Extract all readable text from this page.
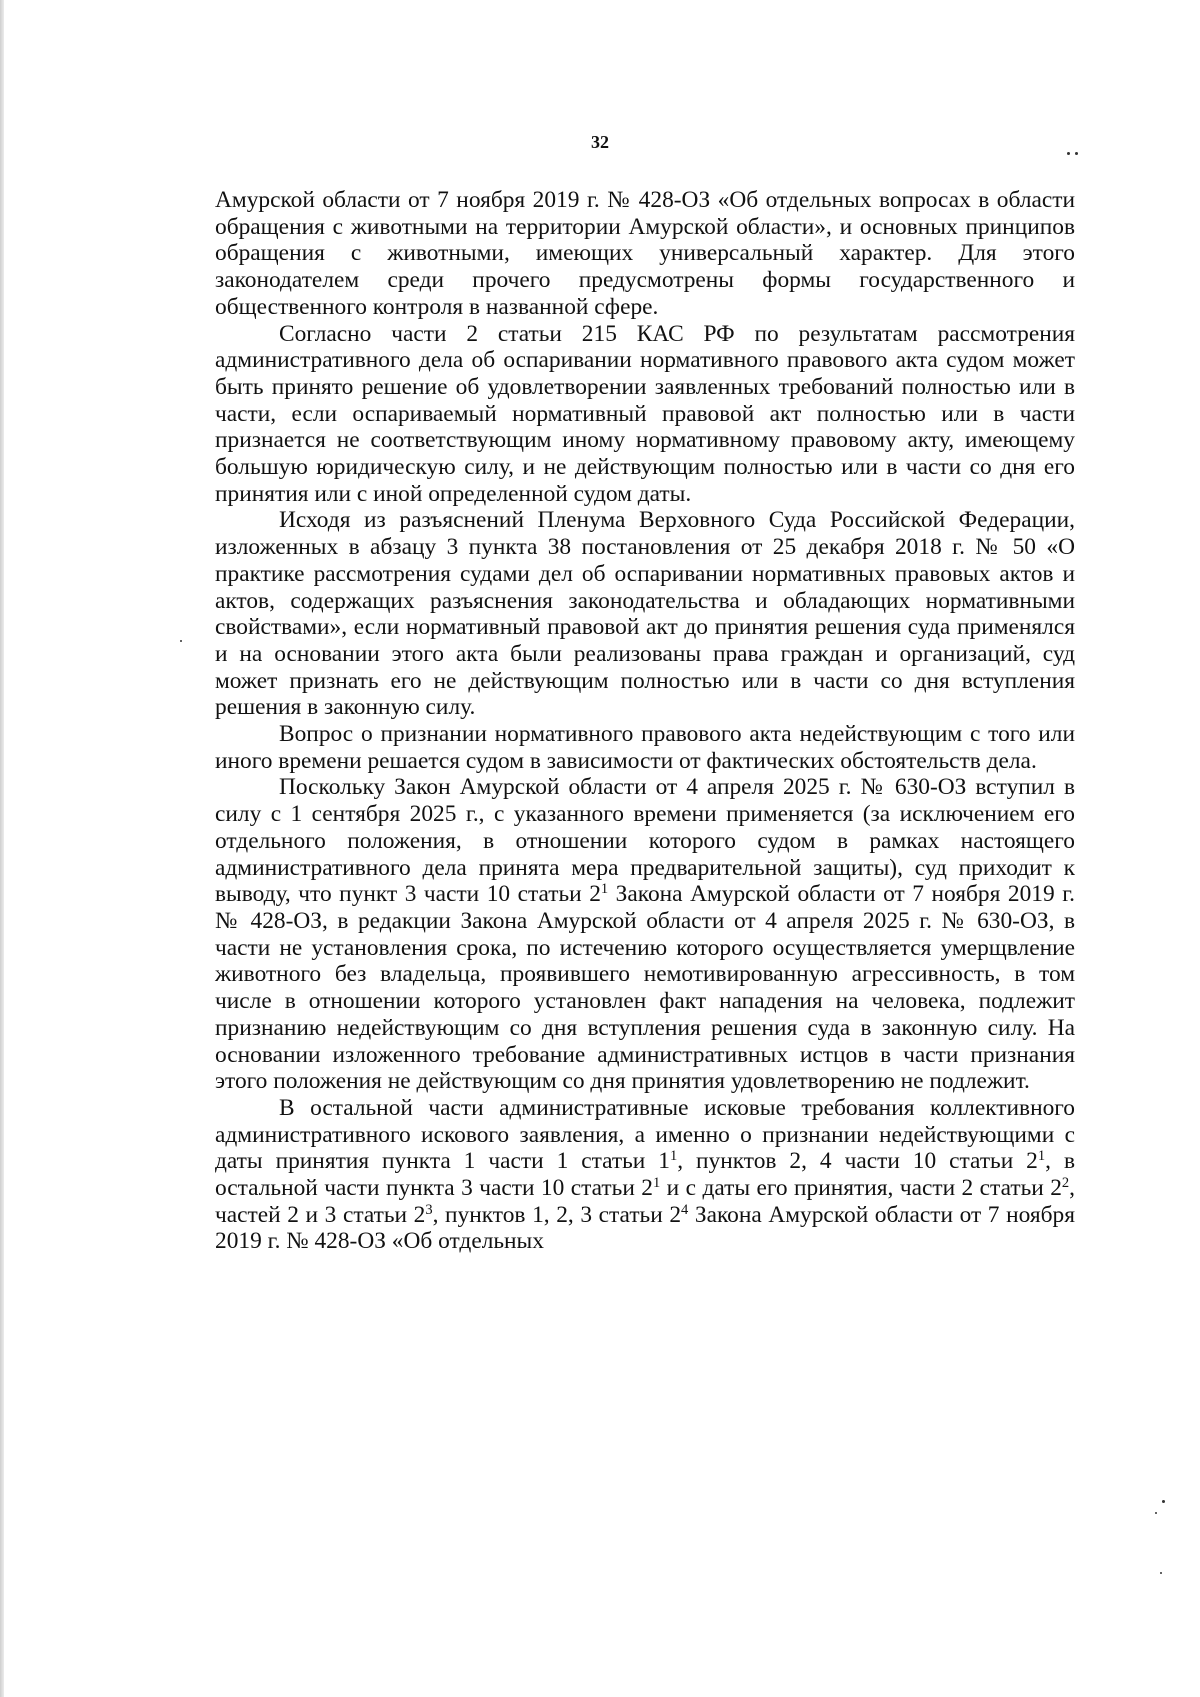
32

Амурской области от 7 ноября 2019 г. № 428-ОЗ «Об отдельных вопросах в области обращения с животными на территории Амурской области», и основных принципов обращения с животными, имеющих универсальный характер. Для этого законодателем среди прочего предусмотрены формы государственного и общественного контроля в названной сфере.

Согласно части 2 статьи 215 КАС РФ по результатам рассмотрения административного дела об оспаривании нормативного правового акта судом может быть принято решение об удовлетворении заявленных требований полностью или в части, если оспариваемый нормативный правовой акт полностью или в части признается не соответствующим иному нормативному правовому акту, имеющему большую юридическую силу, и не действующим полностью или в части со дня его принятия или с иной определенной судом даты.

Исходя из разъяснений Пленума Верховного Суда Российской Федерации, изложенных в абзацу 3 пункта 38 постановления от 25 декабря 2018 г. № 50 «О практике рассмотрения судами дел об оспаривании нормативных правовых актов и актов, содержащих разъяснения законодательства и обладающих нормативными свойствами», если нормативный правовой акт до принятия решения суда применялся и на основании этого акта были реализованы права граждан и организаций, суд может признать его не действующим полностью или в части со дня вступления решения в законную силу.

Вопрос о признании нормативного правового акта недействующим с того или иного времени решается судом в зависимости от фактических обстоятельств дела.

Поскольку Закон Амурской области от 4 апреля 2025 г. № 630-ОЗ вступил в силу с 1 сентября 2025 г., с указанного времени применяется (за исключением его отдельного положения, в отношении которого судом в рамках настоящего административного дела принята мера предварительной защиты), суд приходит к выводу, что пункт 3 части 10 статьи $2^1$ Закона Амурской области от 7 ноября 2019 г. № 428-ОЗ, в редакции Закона Амурской области от 4 апреля 2025 г. № 630-ОЗ, в части не установления срока, по истечению которого осуществляется умерщвление животного без владельца, проявившего немотивированную агрессивность, в том числе в отношении которого установлен факт нападения на человека, подлежит признанию недействующим со дня вступления решения суда в законную силу. На основании изложенного требование административных истцов в части признания этого положения не действующим со дня принятия удовлетворению не подлежит.

В остальной части административные исковые требования коллективного административного искового заявления, а именно о признании недействующими с даты принятия пункта 1 части 1 статьи $1^1$, пунктов 2, 4 части 10 статьи $2^1$, в остальной части пункта 3 части 10 статьи $2^1$ и с даты его принятия, части 2 статьи $2^2$, частей 2 и 3 статьи $2^3$, пунктов 1, 2, 3 статьи $2^4$ Закона Амурской области от 7 ноября 2019 г. № 428-ОЗ «Об отдельных
